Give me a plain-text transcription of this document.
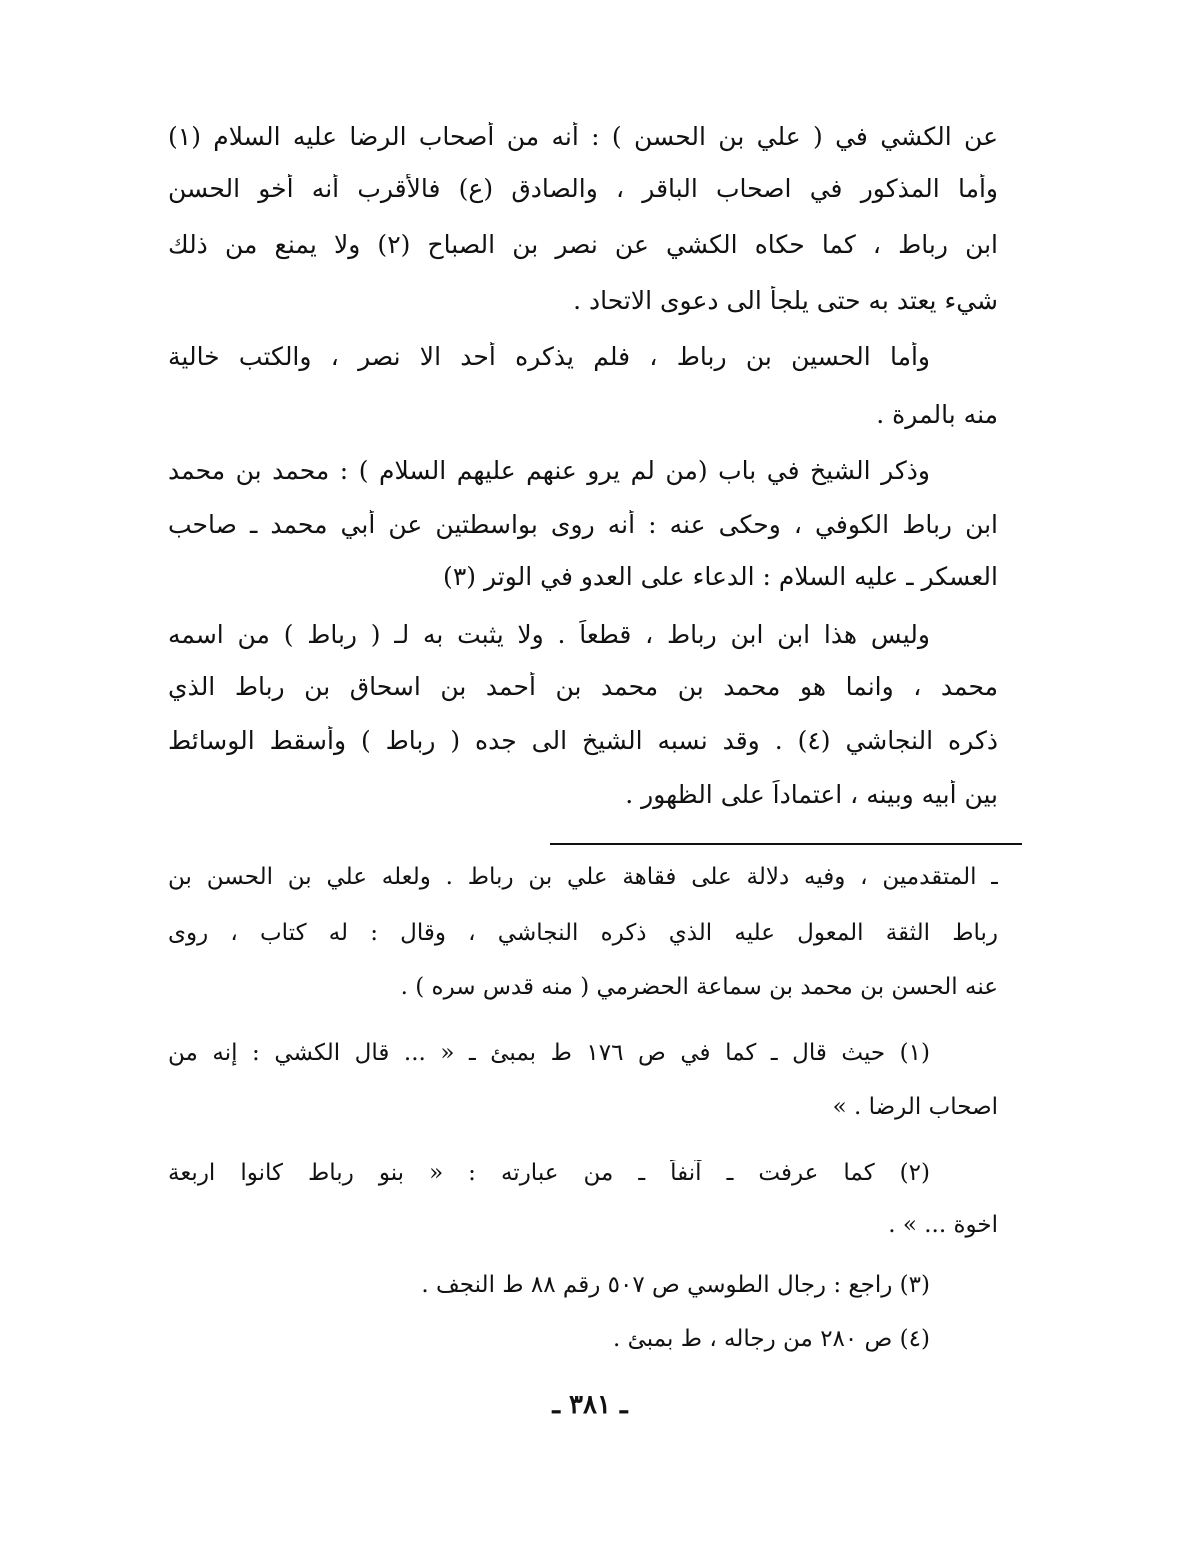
عن الكشي في ( علي بن الحسن ) : أنه من أصحاب الرضا عليه السلام (١)
وأما المذكور في اصحاب الباقر ، والصادق (ع) فالأقرب أنه أخو الحسن
ابن رباط ، كما حكاه الكشي عن نصر بن الصباح (٢) ولا يمنع من ذلك
شيء يعتد به حتى يلجأ الى دعوى الاتحاد .
وأما الحسين بن رباط ، فلم يذكره أحد الا نصر ، والكتب خالية
منه بالمرة .
وذكر الشيخ في باب (من لم يرو عنهم عليهم السلام ) : محمد بن محمد
ابن رباط الكوفي ، وحكى عنه : أنه روى بواسطتين عن أبي محمد ـ صاحب
العسكر ـ عليه السلام : الدعاء على العدو في الوتر (٣)
وليس هذا ابن ابن رباط ، قطعاً . ولا يثبت به لـ ( رباط ) من اسمه
محمد ، وانما هو محمد بن محمد بن أحمد بن اسحاق بن رباط الذي
ذكره النجاشي (٤) . وقد نسبه الشيخ الى جده ( رباط ) وأسقط الوسائط
بين أبيه وبينه ، اعتماداً على الظهور .
ـ المتقدمين ، وفيه دلالة على فقاهة علي بن رباط . ولعله علي بن الحسن بن
رباط الثقة المعول عليه الذي ذكره النجاشي ، وقال : له كتاب ، روى
عنه الحسن بن محمد بن سماعة الحضرمي ( منه قدس سره ) .
(١) حيث قال ـ كما في ص ١٧٦ ط بمبئ ـ « ... قال الكشي : إنه من
اصحاب الرضا . »
(٢) كما عرفت ـ آنفاً ـ من عبارته : « بنو رباط كانوا اربعة
اخوة ... » .
(٣) راجع : رجال الطوسي ص ٥٠٧ رقم ٨٨ ط النجف .
(٤) ص ٢٨٠ من رجاله ، ط بمبئ .
ـ ٣٨١ ـ
